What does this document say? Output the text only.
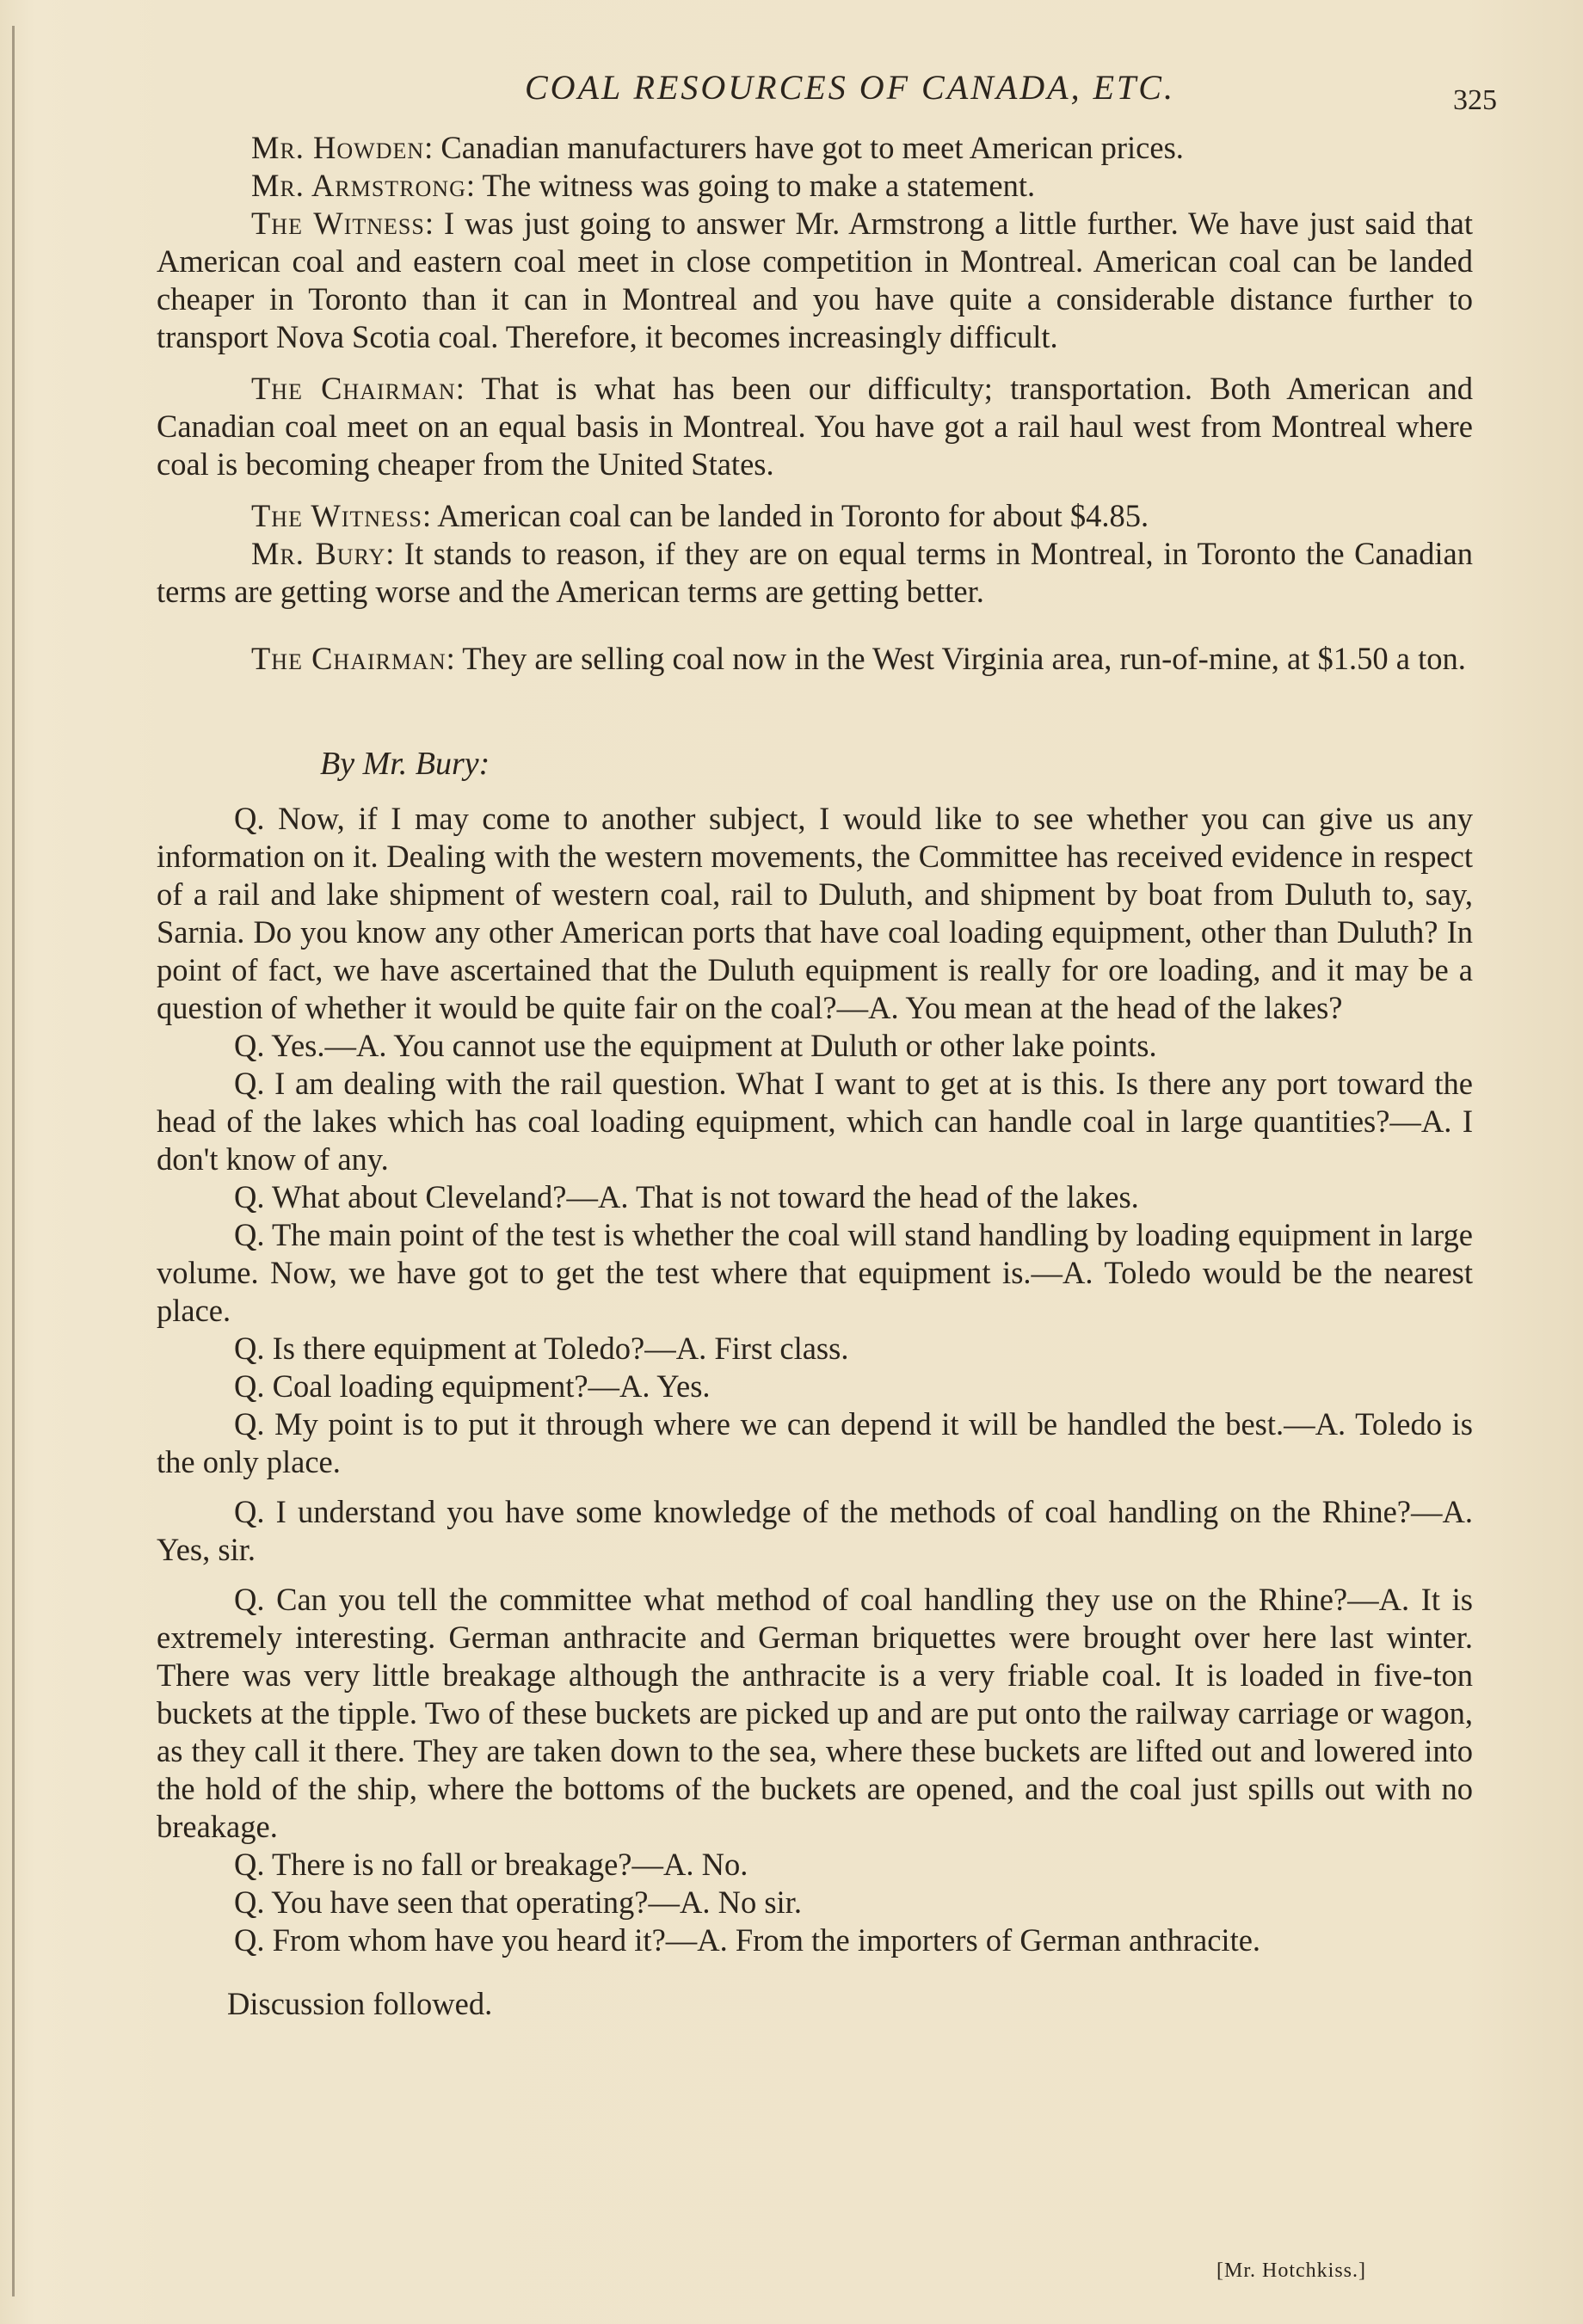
COAL RESOURCES OF CANADA, ETC.	325

Mr. Howden: Canadian manufacturers have got to meet American prices.

Mr. Armstrong: The witness was going to make a statement.

The Witness: I was just going to answer Mr. Armstrong a little further. We have just said that American coal and eastern coal meet in close competition in Montreal. American coal can be landed cheaper in Toronto than it can in Montreal and you have quite a considerable distance further to transport Nova Scotia coal. Therefore, it becomes increasingly difficult.

The Chairman: That is what has been our difficulty; transportation. Both American and Canadian coal meet on an equal basis in Montreal. You have got a rail haul west from Montreal where coal is becoming cheaper from the United States.

The Witness: American coal can be landed in Toronto for about $4.85.

Mr. Bury: It stands to reason, if they are on equal terms in Montreal, in Toronto the Canadian terms are getting worse and the American terms are getting better.

The Chairman: They are selling coal now in the West Virginia area, run-of-mine, at $1.50 a ton.

By Mr. Bury:

Q. Now, if I may come to another subject, I would like to see whether you can give us any information on it. Dealing with the western movements, the Committee has received evidence in respect of a rail and lake shipment of western coal, rail to Duluth, and shipment by boat from Duluth to, say, Sarnia. Do you know any other American ports that have coal loading equipment, other than Duluth? In point of fact, we have ascertained that the Duluth equipment is really for ore loading, and it may be a question of whether it would be quite fair on the coal?—A. You mean at the head of the lakes?

Q. Yes.—A. You cannot use the equipment at Duluth or other lake points.

Q. I am dealing with the rail question. What I want to get at is this. Is there any port toward the head of the lakes which has coal loading equipment, which can handle coal in large quantities?—A. I don't know of any.

Q. What about Cleveland?—A. That is not toward the head of the lakes.

Q. The main point of the test is whether the coal will stand handling by loading equipment in large volume. Now, we have got to get the test where that equipment is.—A. Toledo would be the nearest place.

Q. Is there equipment at Toledo?—A. First class.

Q. Coal loading equipment?—A. Yes.

Q. My point is to put it through where we can depend it will be handled the best.—A. Toledo is the only place.

Q. I understand you have some knowledge of the methods of coal handling on the Rhine?—A. Yes, sir.

Q. Can you tell the committee what method of coal handling they use on the Rhine?—A. It is extremely interesting. German anthracite and German briquettes were brought over here last winter. There was very little breakage although the anthracite is a very friable coal. It is loaded in five-ton buckets at the tipple. Two of these buckets are picked up and are put onto the railway carriage or wagon, as they call it there. They are taken down to the sea, where these buckets are lifted out and lowered into the hold of the ship, where the bottoms of the buckets are opened, and the coal just spills out with no breakage.

Q. There is no fall or breakage?—A. No.

Q. You have seen that operating?—A. No sir.

Q. From whom have you heard it?—A. From the importers of German anthracite.

Discussion followed.

[Mr. Hotchkiss.]
